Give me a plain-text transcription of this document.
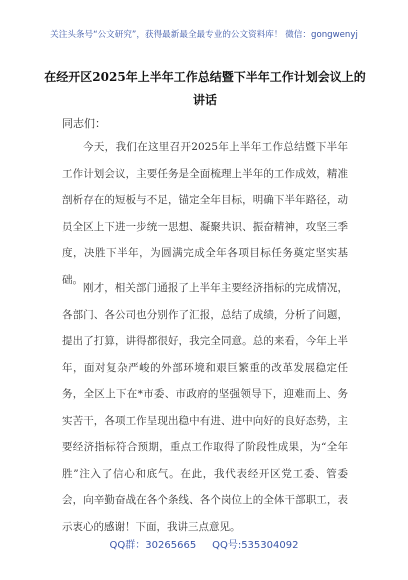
关注头条号“公文研究”，获得最新最全最专业的公文资料库！ 微信：gongwenyj
在经开区2025年上半年工作总结暨下半年工作计划会议上的讲话
同志们：

今天，我们在这里召开2025年上半年工作总结暨下半年工作计划会议，主要任务是全面梳理上半年的工作成效，精准剖析存在的短板与不足，锚定全年目标，明确下半年路径，动员全区上下进一步统一思想、凝聚共识、振奋精神，攻坚三季度，决胜下半年，为圆满完成全年各项目标任务奠定坚实基础。

刚才，相关部门通报了上半年主要经济指标的完成情况，各部门、各公司也分别作了汇报，总结了成绩，分析了问题，提出了打算，讲得都很好，我完全同意。总的来看，今年上半年，面对复杂严峻的外部环境和艰巨繁重的改革发展稳定任务，全区上下在*市委、市政府的坚强领导下，迎难而上、务实苦干，各项工作呈现出稳中有进、进中向好的良好态势，主要经济指标符合预期，重点工作取得了阶段性成果，为“全年胜”注入了信心和底气。在此，我代表经开区党工委、管委会，向辛勤奋战在各个条线、各个岗位上的全体干部职工，表示衷心的感谢！下面，我讲三点意见。

QQ群：30265665     QQ号:535304092
